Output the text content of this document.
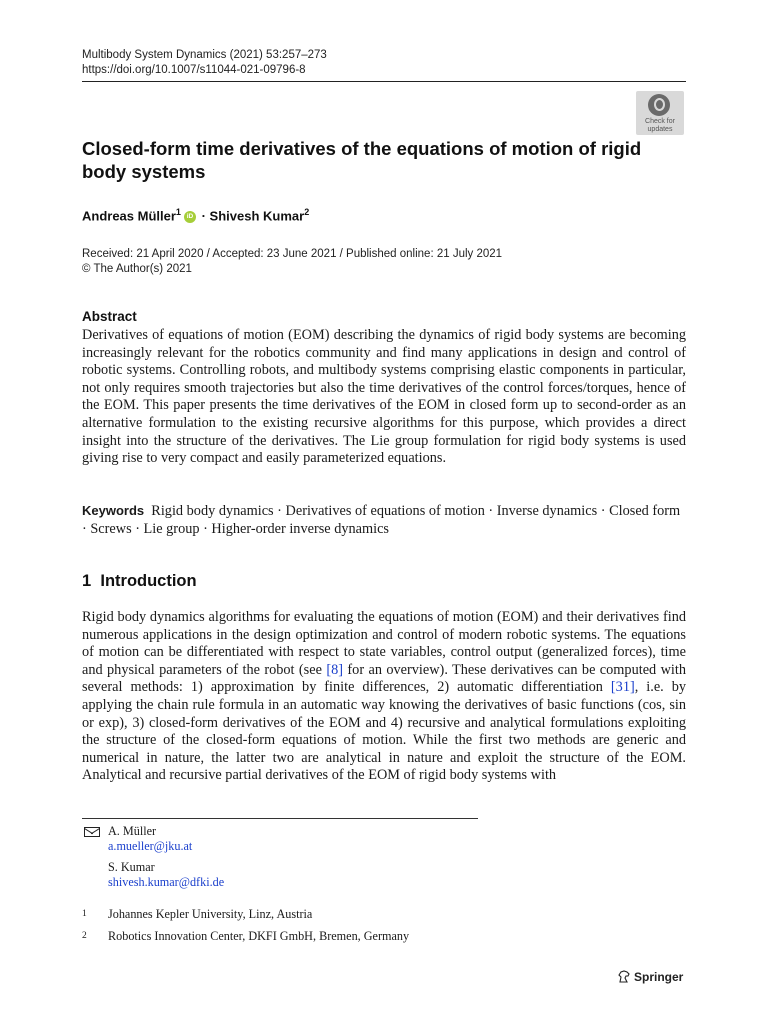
Multibody System Dynamics (2021) 53:257–273
https://doi.org/10.1007/s11044-021-09796-8
Check for
updates
Closed-form time derivatives of the equations of motion of rigid body systems
Andreas Müller$^1$ iD · Shivesh Kumar$^2$
Received: 21 April 2020 / Accepted: 23 June 2021 / Published online: 21 July 2021
© The Author(s) 2021
Abstract
Derivatives of equations of motion (EOM) describing the dynamics of rigid body systems are becoming increasingly relevant for the robotics community and find many applications in design and control of robotic systems. Controlling robots, and multibody systems comprising elastic components in particular, not only requires smooth trajectories but also the time derivatives of the control forces/torques, hence of the EOM. This paper presents the time derivatives of the EOM in closed form up to second-order as an alternative formulation to the existing recursive algorithms for this purpose, which provides a direct insight into the structure of the derivatives. The Lie group formulation for rigid body systems is used giving rise to very compact and easily parameterized equations.
Keywords Rigid body dynamics · Derivatives of equations of motion · Inverse dynamics · Closed form · Screws · Lie group · Higher-order inverse dynamics
1 Introduction
Rigid body dynamics algorithms for evaluating the equations of motion (EOM) and their derivatives find numerous applications in the design optimization and control of modern robotic systems. The equations of motion can be differentiated with respect to state variables, control output (generalized forces), time and physical parameters of the robot (see [8] for an overview). These derivatives can be computed with several methods: 1) approximation by finite differences, 2) automatic differentiation [31], i.e. by applying the chain rule formula in an automatic way knowing the derivatives of basic functions (cos, sin or exp), 3) closed-form derivatives of the EOM and 4) recursive and analytical formulations exploiting the structure of the closed-form equations of motion. While the first two methods are generic and numerical in nature, the latter two are analytical in nature and exploit the structure of the EOM. Analytical and recursive partial derivatives of the EOM of rigid body systems with
A. Müller
a.mueller@jku.at
S. Kumar
shivesh.kumar@dfki.de
1 Johannes Kepler University, Linz, Austria
2 Robotics Innovation Center, DKFI GmbH, Bremen, Germany
Springer
